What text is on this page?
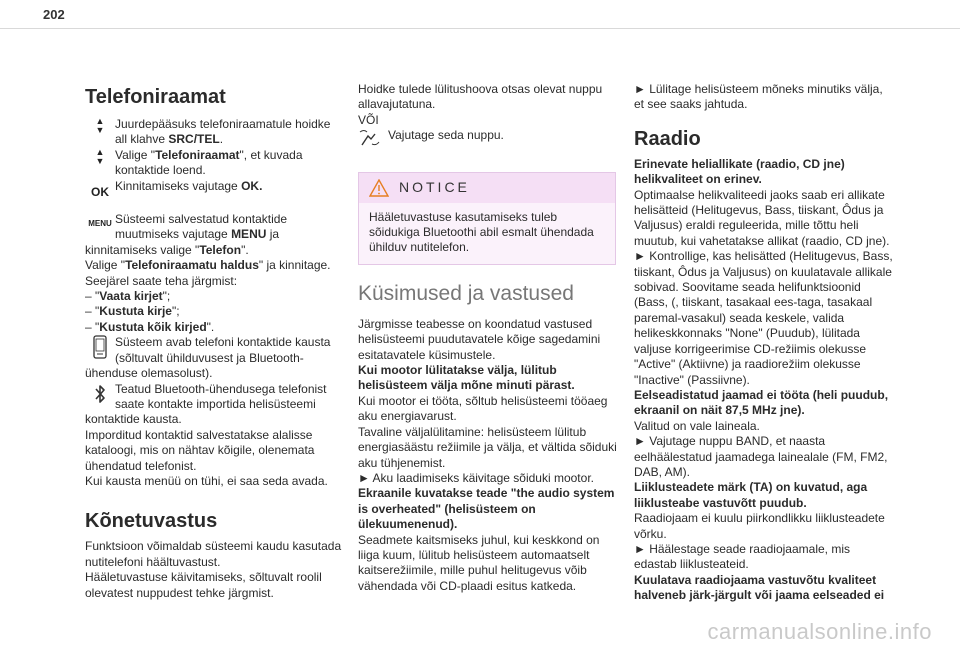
202
Telefoniraamat
▲
▼ Juurdepääsuks telefoniraamatule hoidke all klahve SRC/TEL.

▲
▼ Valige "Telefoniraamat", et kuvada kontaktide loend.

OK Kinnitamiseks vajutage OK.

MENU Süsteemi salvestatud kontaktide muutmiseks vajutage MENU ja

kinnitamiseks valige "Telefon".

Valige "Telefoniraamatu haldus" ja kinnitage.

Seejärel saate teha järgmist:

– "Vaata kirjet";

– "Kustuta kirje";

– "Kustuta kõik kirjed".

Süsteem avab telefoni kontaktide kausta (sõltuvalt ühilduvusest ja Bluetooth-

ühenduse olemasolust).

Teatud Bluetooth-ühendusega telefonist saate kontakte importida helisüsteemi

kontaktide kausta.

Imporditud kontaktid salvestatakse alalisse kataloogi, mis on nähtav kõigile, olenemata ühendatud telefonist.

Kui kausta menüü on tühi, ei saa seda avada.

Kõnetuvastus

Funktsioon võimaldab süsteemi kaudu kasutada nutitelefoni häältuvastust.

Hääletuvastuse käivitamiseks, sõltuvalt roolil olevatest nuppudest tehke järgmist.

Hoidke tulede lülitushoova otsas olevat nuppu allavajutatuna.

VÕI

Vajutage seda nuppu.

NOTICE
Hääletuvastuse kasutamiseks tuleb sõidukiga Bluetoothi abil esmalt ühendada ühilduv nutitelefon.
Küsimused ja vastused

Järgmisse teabesse on koondatud vastused helisüsteemi puudutavatele kõige sagedamini esitatavatele küsimustele.

Kui mootor lülitatakse välja, lülitub helisüsteem välja mõne minuti pärast.

Kui mootor ei tööta, sõltub helisüsteemi tööaeg aku energiavarust.

Tavaline väljalülitamine: helisüsteem lülitub energiasäästu režiimile ja välja, et vältida sõiduki aku tühjenemist.

► Aku laadimiseks käivitage sõiduki mootor.

Ekraanile kuvatakse teade "the audio system is overheated" (helisüsteem on ülekuumenenud).

Seadmete kaitsmiseks juhul, kui keskkond on liiga kuum, lülitub helisüsteem automaatselt kaitserežiimile, mille puhul helitugevus võib vähendada või CD-plaadi esitus katkeda.

► Lülitage helisüsteem mõneks minutiks välja, et see saaks jahtuda.

Raadio

Erinevate heliallikate (raadio, CD jne) helikvaliteet on erinev.

Optimaalse helikvaliteedi jaoks saab eri allikate helisätteid (Helitugevus, Bass, tiiskant, Ôdus ja Valjusus) eraldi reguleerida, mille tõttu heli muutub, kui vahetatakse allikat (raadio, CD jne).

► Kontrollige, kas helisätted (Helitugevus, Bass, tiiskant, Ôdus ja Valjusus) on kuulatavale allikale sobivad. Soovitame seada helifunktsioonid (Bass, (, tiiskant, tasakaal ees-taga, tasakaal paremal-vasakul) seada keskele, valida helikeskkonnaks "None" (Puudub), lülitada valjuse korrigeerimise CD-režiimis olekusse "Active" (Aktiivne) ja raadiorežiim olekusse "Inactive" (Passiivne).

Eelseadistatud jaamad ei tööta (heli puudub, ekraanil on näit 87,5 MHz jne).

Valitud on vale laineala.

► Vajutage nuppu BAND, et naasta eelhäälestatud jaamadega lainealale (FM, FM2, DAB, AM).

Liiklusteadete märk (TA) on kuvatud, aga liiklusteabe vastuvõtt puudub.

Raadiojaam ei kuulu piirkondlikku liiklusteadete võrku.

► Häälestage seade raadiojaamale, mis edastab liiklusteateid.

Kuulatava raadiojaama vastuvõtu kvaliteet halveneb järk-järgult või jaama eelseaded ei

carmanualsonline.info
